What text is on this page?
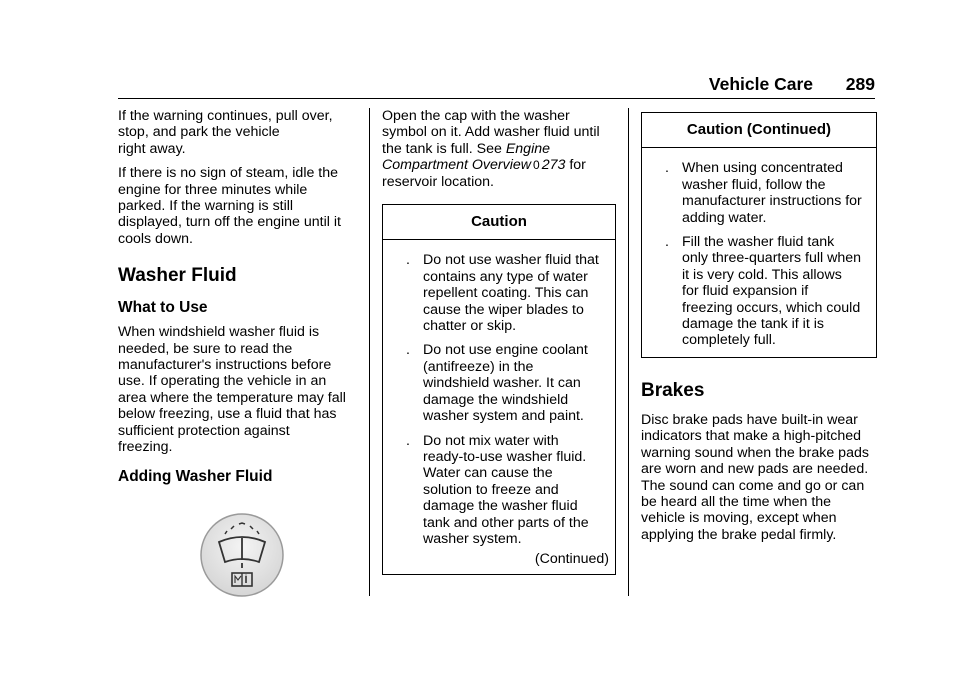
Vehicle Care 289

If the warning continues, pull over,
stop, and park the vehicle
right away.

If there is no sign of steam, idle the
engine for three minutes while
parked. If the warning is still
displayed, turn off the engine until it
cools down.

Washer Fluid
What to Use

When windshield washer fluid is
needed, be sure to read the
manufacturer's instructions before
use. If operating the vehicle in an
area where the temperature may fall
below freezing, use a fluid that has
sufficient protection against
freezing.

Adding Washer Fluid

Open the cap with the washer
symbol on it. Add washer fluid until
the tank is full. See Engine
Compartment Overview 0 273 for
reservoir location.

Caution
. Do not use washer fluid that
contains any type of water
repellent coating. This can
cause the wiper blades to
chatter or skip.
. Do not use engine coolant
(antifreeze) in the
windshield washer. It can
damage the windshield
washer system and paint.
. Do not mix water with
ready-to-use washer fluid.
Water can cause the
solution to freeze and
damage the washer fluid
tank and other parts of the
washer system.
(Continued)
Caution (Continued)
. When using concentrated
washer fluid, follow the
manufacturer instructions for
adding water.
. Fill the washer fluid tank
only three-quarters full when
it is very cold. This allows
for fluid expansion if
freezing occurs, which could
damage the tank if it is
completely full.
Brakes

Disc brake pads have built-in wear
indicators that make a high-pitched
warning sound when the brake pads
are worn and new pads are needed.
The sound can come and go or can
be heard all the time when the
vehicle is moving, except when
applying the brake pedal firmly.
